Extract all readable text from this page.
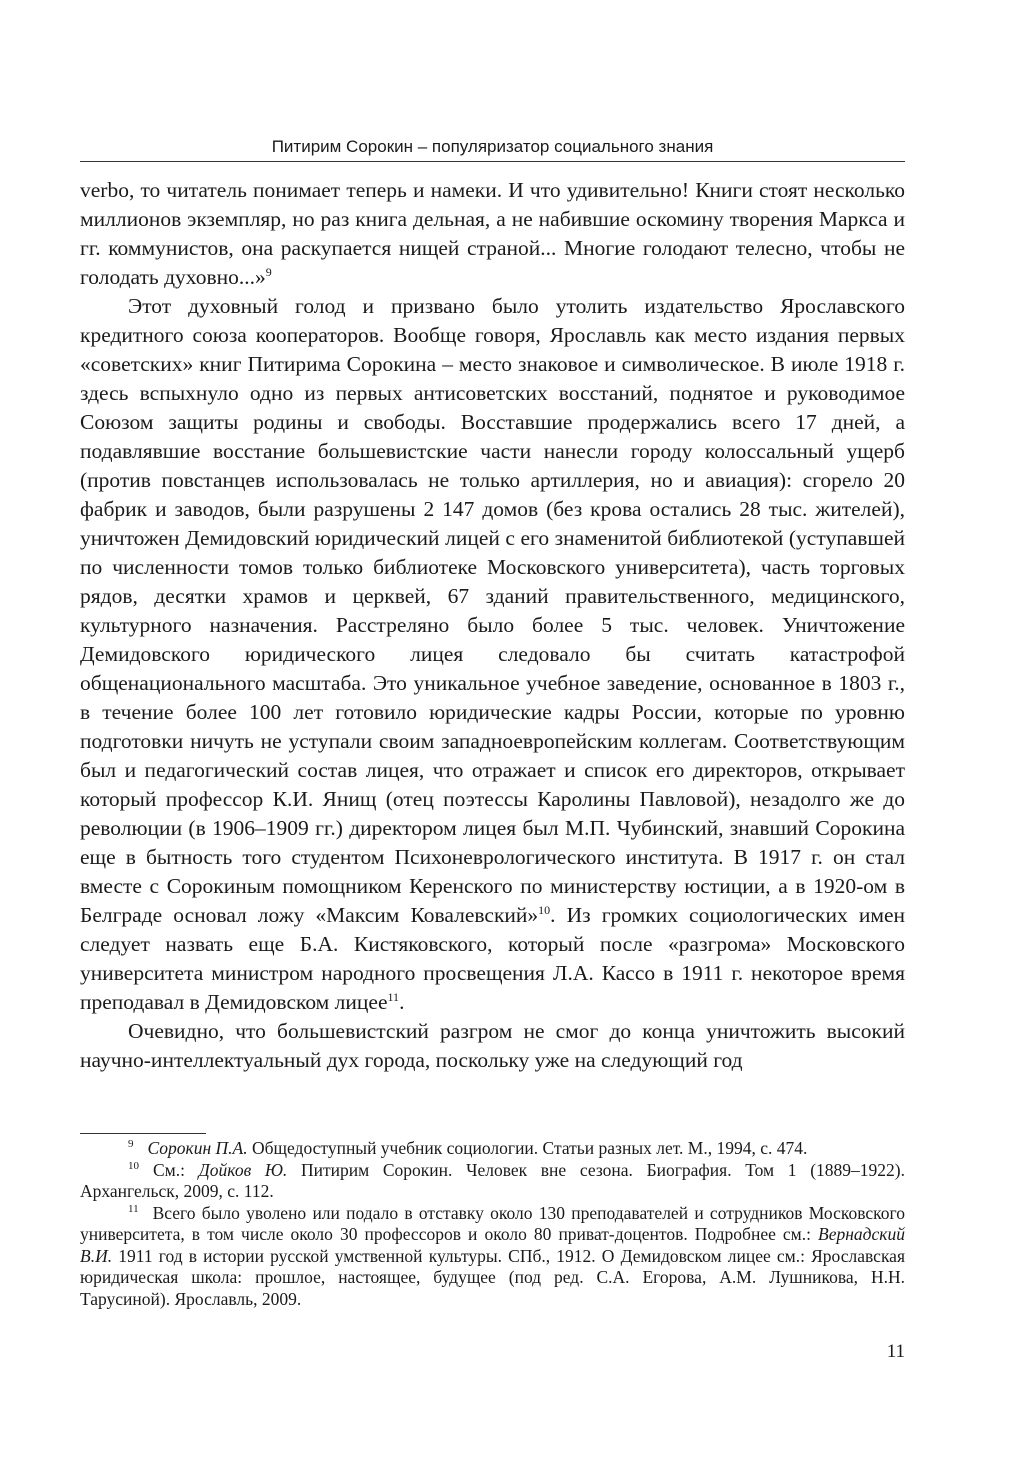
Питирим Сорокин – популяризатор социального знания

verbo, то читатель понимает теперь и намеки. И что удивительно! Книги стоят несколько миллионов экземпляр, но раз книга дельная, а не набившие оскомину творения Маркса и гг. коммунистов, она раскупается нищей страной... Многие голодают телесно, чтобы не голодать духовно...»$^9$

Этот духовный голод и призвано было утолить издательство Ярославского кредитного союза кооператоров. Вообще говоря, Ярославль как место издания первых «советских» книг Питирима Сорокина – место знаковое и символическое. В июле 1918 г. здесь вспыхнуло одно из первых антисоветских восстаний, поднятое и руководимое Союзом защиты родины и свободы. Восставшие продержались всего 17 дней, а подавлявшие восстание большевистские части нанесли городу колоссальный ущерб (против повстанцев использовалась не только артиллерия, но и авиация): сгорело 20 фабрик и заводов, были разрушены 2 147 домов (без крова остались 28 тыс. жителей), уничтожен Демидовский юридический лицей с его знаменитой библиотекой (уступавшей по численности томов только библиотеке Московского университета), часть торговых рядов, десятки храмов и церквей, 67 зданий правительственного, медицинского, культурного назначения. Расстреляно было более 5 тыс. человек. Уничтожение Демидовского юридического лицея следовало бы считать катастрофой общенационального масштаба. Это уникальное учебное заведение, основанное в 1803 г., в течение более 100 лет готовило юридические кадры России, которые по уровню подготовки ничуть не уступали своим западноевропейским коллегам. Соответствующим был и педагогический состав лицея, что отражает и список его директоров, открывает который профессор К.И. Янищ (отец поэтессы Каролины Павловой), незадолго же до революции (в 1906–1909 гг.) директором лицея был М.П. Чубинский, знавший Сорокина еще в бытность того студентом Психоневрологического института. В 1917 г. он стал вместе с Сорокиным помощником Керенского по министерству юстиции, а в 1920-ом в Белграде основал ложу «Максим Ковалевский»$^{10}$. Из громких социологических имен следует назвать еще Б.А. Кистяковского, который после «разгрома» Московского университета министром народного просвещения Л.А. Кассо в 1911 г. некоторое время преподавал в Демидовском лицее$^{11}$.

Очевидно, что большевистский разгром не смог до конца уничтожить высокий научно-интеллектуальный дух города, поскольку уже на следующий год

$^9$ Сорокин П.А. Общедоступный учебник социологии. Статьи разных лет. М., 1994, с. 474.

$^{10}$ См.: Дойков Ю. Питирим Сорокин. Человек вне сезона. Биография. Том 1 (1889–1922). Архангельск, 2009, с. 112.

$^{11}$ Всего было уволено или подало в отставку около 130 преподавателей и сотрудников Московского университета, в том числе около 30 профессоров и около 80 приват-доцентов. Подробнее см.: Вернадский В.И. 1911 год в истории русской умственной культуры. СПб., 1912. О Демидовском лицее см.: Ярославская юридическая школа: прошлое, настоящее, будущее (под ред. С.А. Егорова, А.М. Лушникова, Н.Н. Тарусиной). Ярославль, 2009.

11
